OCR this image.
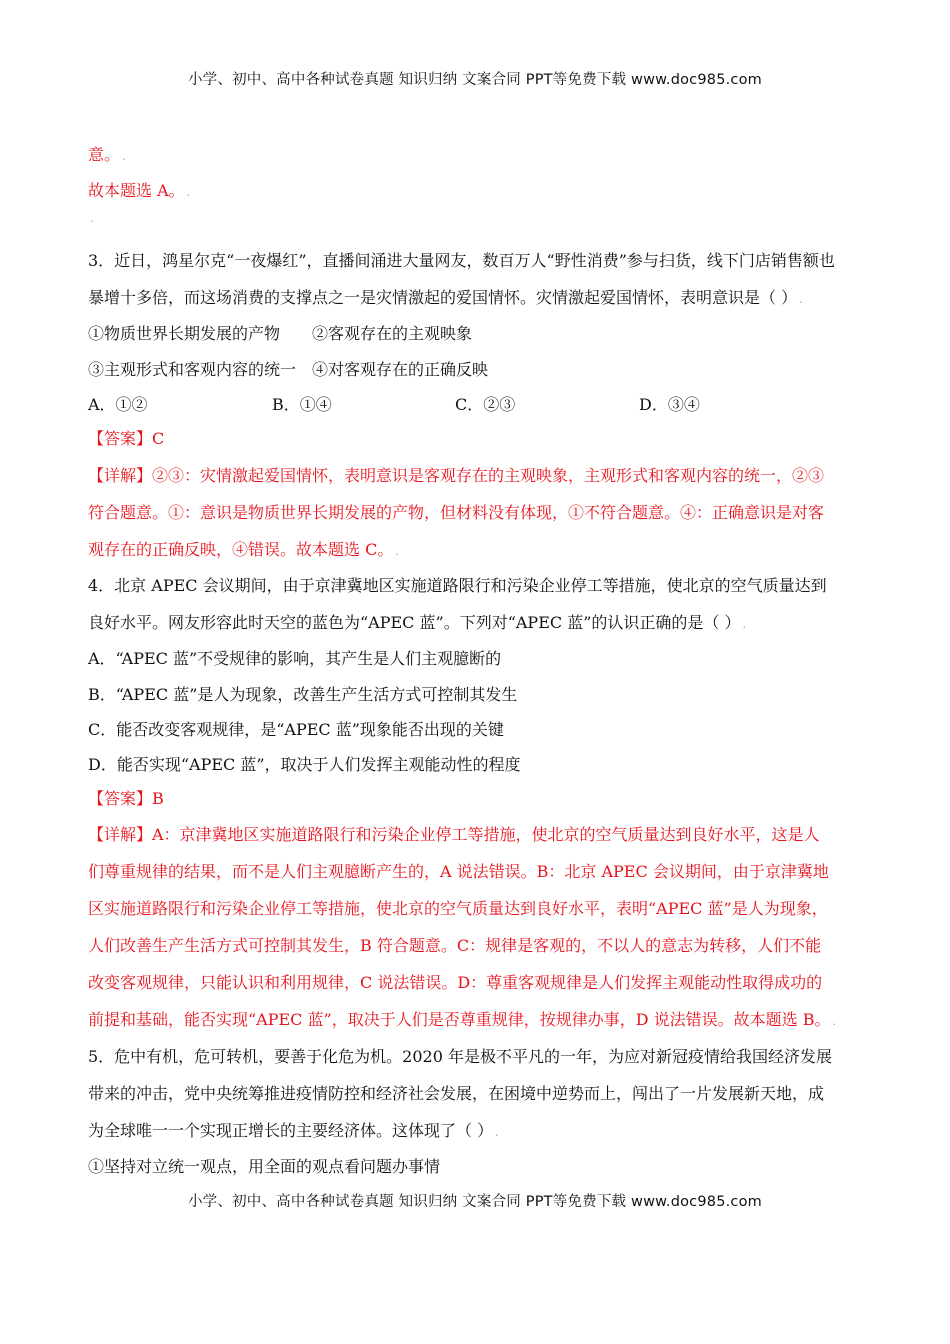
小学、初中、高中各种试卷真题 知识归纳 文案合同 PPT等免费下载 www.doc985.com
意。 .
故本题选 A。 .
.
3．近日，鸿星尔克“一夜爆红”，直播间涌进大量网友，数百万人“野性消费”参与扫货，线下门店销售额也
暴增十多倍，而这场消费的支撑点之一是灾情激起的爱国情怀。灾情激起爱国情怀，表明意识是（ ） .
①物质世界长期发展的产物　　②客观存在的主观映象
③主观形式和客观内容的统一　④对客观存在的正确反映
A．①②	B．①④	C．②③	D．③④
【答案】C
【详解】②③：灾情激起爱国情怀，表明意识是客观存在的主观映象，主观形式和客观内容的统一，②③
符合题意。①：意识是物质世界长期发展的产物，但材料没有体现，①不符合题意。④：正确意识是对客
观存在的正确反映，④错误。故本题选 C。 .
4．北京 APEC 会议期间，由于京津冀地区实施道路限行和污染企业停工等措施，使北京的空气质量达到
良好水平。网友形容此时天空的蓝色为“APEC 蓝”。下列对“APEC 蓝”的认识正确的是（ ） .
A．“APEC 蓝”不受规律的影响，其产生是人们主观臆断的
B．“APEC 蓝”是人为现象，改善生产生活方式可控制其发生
C．能否改变客观规律，是“APEC 蓝”现象能否出现的关键
D．能否实现“APEC 蓝”，取决于人们发挥主观能动性的程度
【答案】B
【详解】A：京津冀地区实施道路限行和污染企业停工等措施，使北京的空气质量达到良好水平，这是人
们尊重规律的结果，而不是人们主观臆断产生的，A 说法错误。B：北京 APEC 会议期间，由于京津冀地
区实施道路限行和污染企业停工等措施，使北京的空气质量达到良好水平，表明“APEC 蓝”是人为现象，
人们改善生产生活方式可控制其发生，B 符合题意。C：规律是客观的，不以人的意志为转移，人们不能
改变客观规律，只能认识和利用规律，C 说法错误。D：尊重客观规律是人们发挥主观能动性取得成功的
前提和基础，能否实现“APEC 蓝”，取决于人们是否尊重规律，按规律办事，D 说法错误。故本题选 B。 .
5．危中有机，危可转机，要善于化危为机。2020 年是极不平凡的一年，为应对新冠疫情给我国经济发展
带来的冲击，党中央统筹推进疫情防控和经济社会发展，在困境中逆势而上，闯出了一片发展新天地，成
为全球唯一一个实现正增长的主要经济体。这体现了（ ） .
①坚持对立统一观点，用全面的观点看问题办事情
小学、初中、高中各种试卷真题 知识归纳 文案合同 PPT等免费下载 www.doc985.com
